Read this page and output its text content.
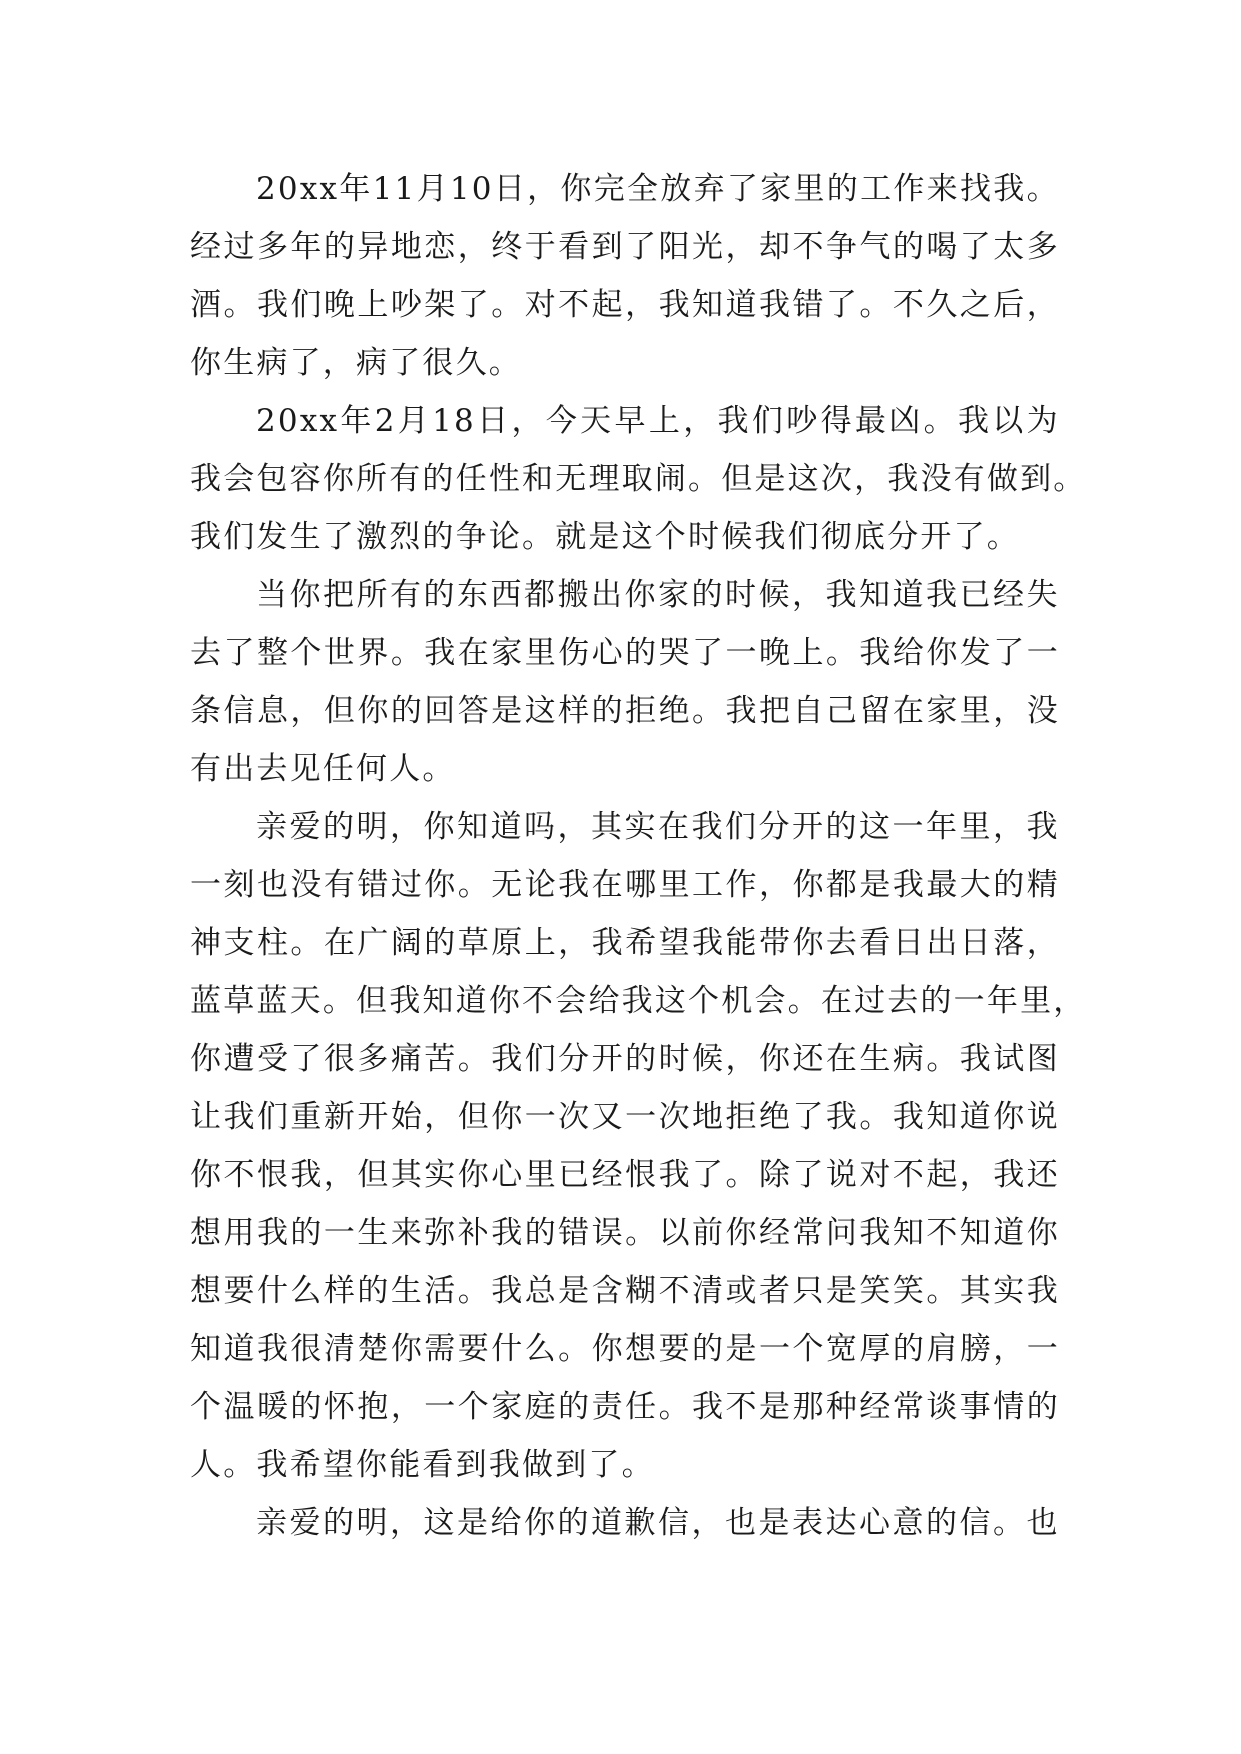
20xx 年 11 月 10 日 ， 你 完 全 放 弃 了 家 里 的 工 作 来 找 我 。
经 过 多 年 的 异 地 恋 ， 终 于 看 到 了 阳 光 ， 却 不 争 气 的 喝 了 太 多
酒 。 我 们 晚 上 吵 架 了 。 对 不 起 ， 我 知 道 我 错 了 。 不 久 之 后 ，
你生病了，病了很久。
20xx 年 2 月 18 日 ， 今 天 早 上 ， 我 们 吵 得 最 凶 。 我 以 为
我 会 包 容 你 所 有 的 任 性 和 无 理 取 闹 。 但 是 这 次 ， 我 没 有 做 到 。
我们发生了激烈的争论。就是这个时候我们彻底分开了。
当 你 把 所 有 的 东 西 都 搬 出 你 家 的 时 候 ， 我 知 道 我 已 经 失
去 了 整 个 世 界 。 我 在 家 里 伤 心 的 哭 了 一 晚 上 。 我 给 你 发 了 一
条 信 息 ， 但 你 的 回 答 是 这 样 的 拒 绝 。 我 把 自 己 留 在 家 里 ， 没
有出去见任何人。
亲 爱 的 明 ， 你 知 道 吗 ， 其 实 在 我 们 分 开 的 这 一 年 里 ， 我
一 刻 也 没 有 错 过 你 。 无 论 我 在 哪 里 工 作 ， 你 都 是 我 最 大 的 精
神 支 柱 。 在 广 阔 的 草 原 上 ， 我 希 望 我 能 带 你 去 看 日 出 日 落 ，
蓝 草 蓝 天 。 但 我 知 道 你 不 会 给 我 这 个 机 会 。 在 过 去 的 一 年 里 ，
你 遭 受 了 很 多 痛 苦 。 我 们 分 开 的 时 候 ， 你 还 在 生 病 。 我 试 图
让 我 们 重 新 开 始 ， 但 你 一 次 又 一 次 地 拒 绝 了 我 。 我 知 道 你 说
你 不 恨 我 ， 但 其 实 你 心 里 已 经 恨 我 了 。 除 了 说 对 不 起 ， 我 还
想 用 我 的 一 生 来 弥 补 我 的 错 误 。 以 前 你 经 常 问 我 知 不 知 道 你
想 要 什 么 样 的 生 活 。 我 总 是 含 糊 不 清 或 者 只 是 笑 笑 。 其 实 我
知 道 我 很 清 楚 你 需 要 什 么 。 你 想 要 的 是 一 个 宽 厚 的 肩 膀 ， 一
个 温 暖 的 怀 抱 ， 一 个 家 庭 的 责 任 。 我 不 是 那 种 经 常 谈 事 情 的
人。我希望你能看到我做到了。
亲 爱 的 明 ， 这 是 给 你 的 道 歉 信 ， 也 是 表 达 心 意 的 信 。 也
